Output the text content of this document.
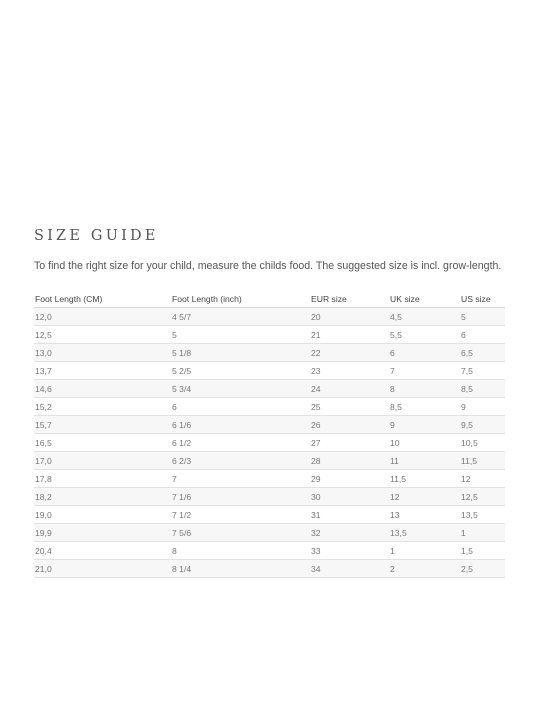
SIZE GUIDE

To find the right size for your child, measure the childs food. The suggested size is incl. grow-length.

Foot Length (CM)	Foot Length (inch)	EUR size	UK size	US size
12,0	4 5/7	20	4,5	5
12,5	5	21	5,5	6
13,0	5 1/8	22	6	6,5
13,7	5 2/5	23	7	7,5
14,6	5 3/4	24	8	8,5
15,2	6	25	8,5	9
15,7	6 1/6	26	9	9,5
16,5	6 1/2	27	10	10,5
17,0	6 2/3	28	11	11,5
17,8	7	29	11,5	12
18,2	7 1/6	30	12	12,5
19,0	7 1/2	31	13	13,5
19,9	7 5/6	32	13,5	1
20,4	8	33	1	1,5
21,0	8 1/4	34	2	2,5
